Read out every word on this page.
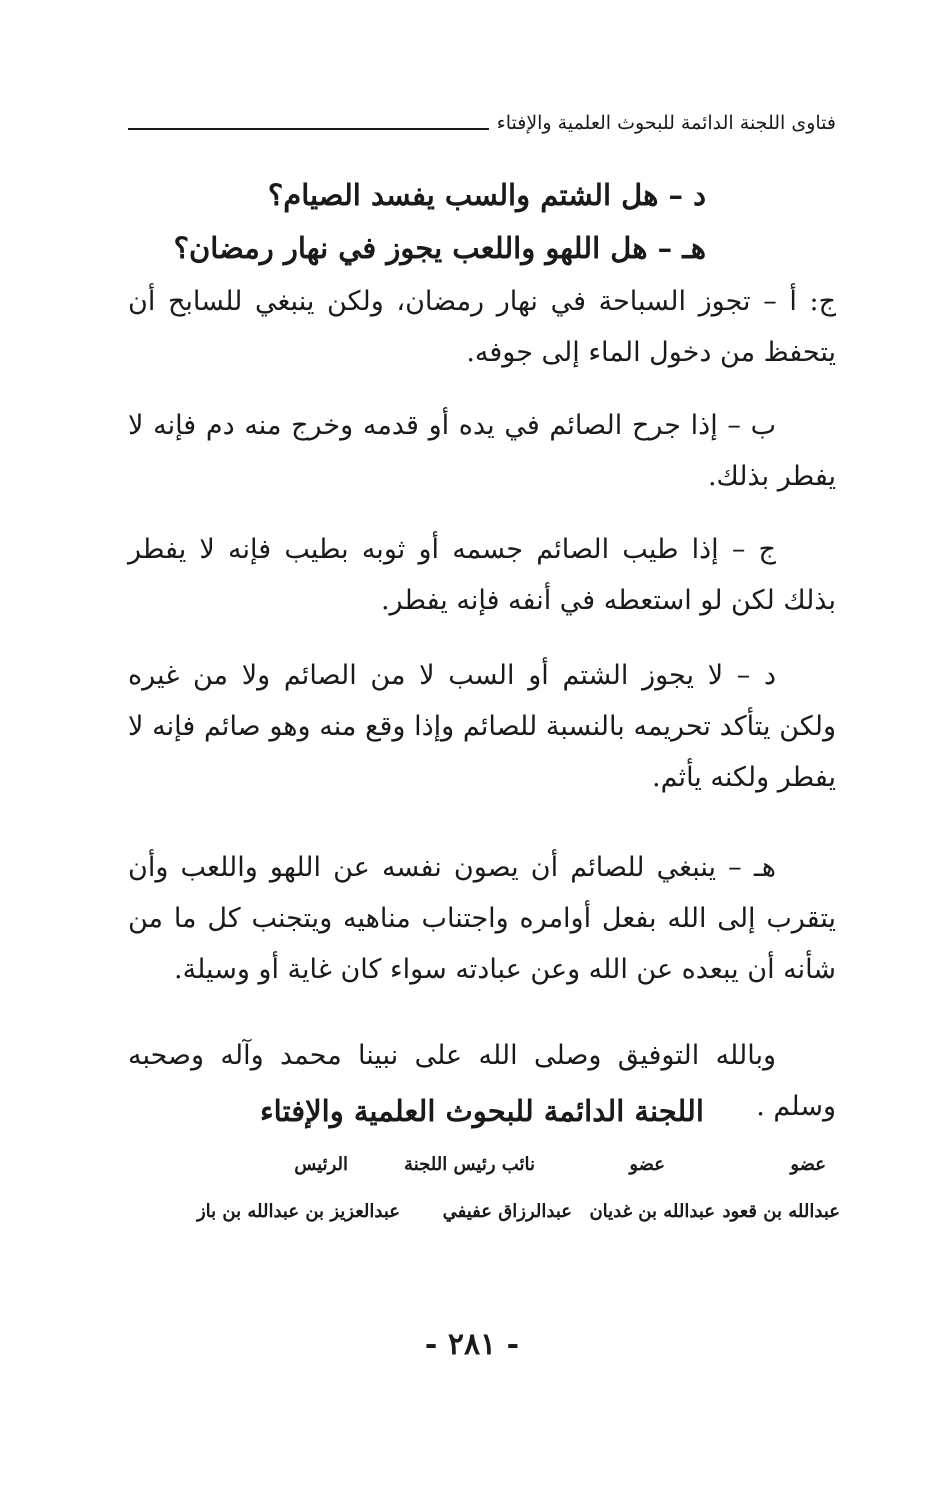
فتاوى اللجنة الدائمة للبحوث العلمية والإفتاء
د – هل الشتم والسب يفسد الصيام؟
هـ – هل اللهو واللعب يجوز في نهار رمضان؟
ج: أ – تجوز السباحة في نهار رمضان، ولكن ينبغي للسابح أن يتحفظ من دخول الماء إلى جوفه.
ب – إذا جرح الصائم في يده أو قدمه وخرج منه دم فإنه لا يفطر بذلك.
ج – إذا طيب الصائم جسمه أو ثوبه بطيب فإنه لا يفطر بذلك لكن لو استعطه في أنفه فإنه يفطر.
د – لا يجوز الشتم أو السب لا من الصائم ولا من غيره ولكن يتأكد تحريمه بالنسبة للصائم وإذا وقع منه وهو صائم فإنه لا يفطر ولكنه يأثم.
هـ – ينبغي للصائم أن يصون نفسه عن اللهو واللعب وأن يتقرب إلى الله بفعل أوامره واجتناب مناهيه ويتجنب كل ما من شأنه أن يبعده عن الله وعن عبادته سواء كان غاية أو وسيلة.
وبالله التوفيق وصلى الله على نبينا محمد وآله وصحبه وسلم .
اللجنة الدائمة للبحوث العلمية والإفتاء
عضو
عضو
نائب رئيس اللجنة
الرئيس
عبدالله بن قعود
عبدالله بن غديان
عبدالرزاق عفيفي
عبدالعزيز بن عبدالله بن باز
- ٢٨١ -
